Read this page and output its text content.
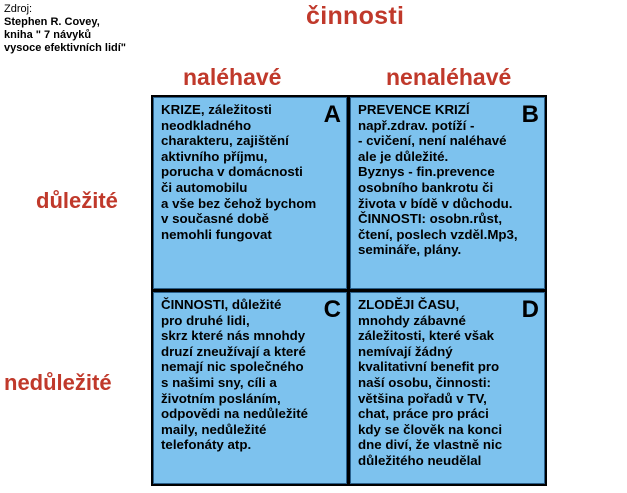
Zdroj:
Stephen R. Covey,
kniha " 7 návyků
vysoce efektivních lidí"
činnosti
naléhavé	nenaléhavé
důležité
nedůležité
KRIZE, záležitosti
neodkladného
charakteru, zajištění
aktivního příjmu,
porucha v domácnosti
či automobilu
a vše bez čehož bychom
v současné době
nemohli fungovat
A PREVENCE KRIZÍ
např.zdrav. potíží -
- cvičení, není naléhavé
ale je důležité.
Byznys - fin.prevence
osobního bankrotu či
života v bídě v důchodu.
ČINNOSTI: osobn.růst,
čtení, poslech vzděl.Mp3,
semináře, plány.
B
ČINNOSTI, důležité
pro druhé lidi,
skrz které nás mnohdy
druzí zneužívají a které
nemají nic společného
s našimi sny, cíli a
životním posláním,
odpovědi na nedůležité
maily, nedůležité
telefonáty atp.
C ZLODĚJI ČASU,
mnohdy zábavné
záležitosti, které však
nemívají žádný
kvalitativní benefit pro
naší osobu, činnosti:
většina pořadů v TV,
chat, práce pro práci
kdy se člověk na konci
dne diví, že vlastně nic
důležitého neudělal
D
